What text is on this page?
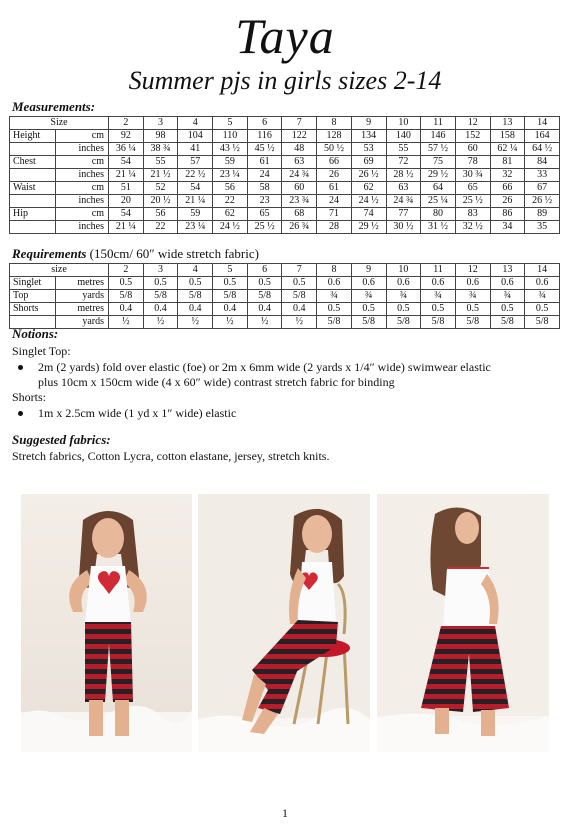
Taya
Summer pjs in girls sizes 2-14
Measurements:
Size		2	3	4	5	6	7	8	9	10	11	12	13	14
Height	cm	92	98	104	110	116	122	128	134	140	146	152	158	164
	inches	36 ¼	38 ¾	41	43 ½	45 ½	48	50 ½	53	55	57 ½	60	62 ¼	64 ½
Chest	cm	54	55	57	59	61	63	66	69	72	75	78	81	84
	inches	21 ¼	21 ½	22 ½	23 ¼	24	24 ¾	26	26 ½	28 ½	29 ½	30 ¾	32	33
Waist	cm	51	52	54	56	58	60	61	62	63	64	65	66	67
	inches	20	20 ½	21 ¼	22	23	23 ¾	24	24 ½	24 ¾	25 ¼	25 ½	26	26 ½
Hip	cm	54	56	59	62	65	68	71	74	77	80	83	86	89
	inches	21 ¼	22	23 ¼	24 ½	25 ½	26 ¾	28	29 ½	30 ½	31 ½	32 ½	34	35
Requirements (150cm/ 60″ wide stretch fabric)
size		2	3	4	5	6	7	8	9	10	11	12	13	14
Singlet	metres	0.5	0.5	0.5	0.5	0.5	0.5	0.6	0.6	0.6	0.6	0.6	0.6	0.6
Top	yards	5/8	5/8	5/8	5/8	5/8	5/8	¾	¾	¾	¾	¾	¾	¾
Shorts	metres	0.4	0.4	0.4	0.4	0.4	0.4	0.5	0.5	0.5	0.5	0.5	0.5	0.5
	yards	½	½	½	½	½	½	5/8	5/8	5/8	5/8	5/8	5/8	5/8
Notions:
Singlet Top:
2m (2 yards) fold over elastic (foe) or 2m x 6mm wide (2 yards x 1/4″ wide) swimwear elastic
plus 10cm x 150cm wide (4 x 60″ wide) contrast stretch fabric for binding
Shorts:
1m x 2.5cm wide (1 yd x 1″ wide) elastic
Suggested fabrics:
Stretch fabrics, Cotton Lycra, cotton elastane, jersey, stretch knits.
1
